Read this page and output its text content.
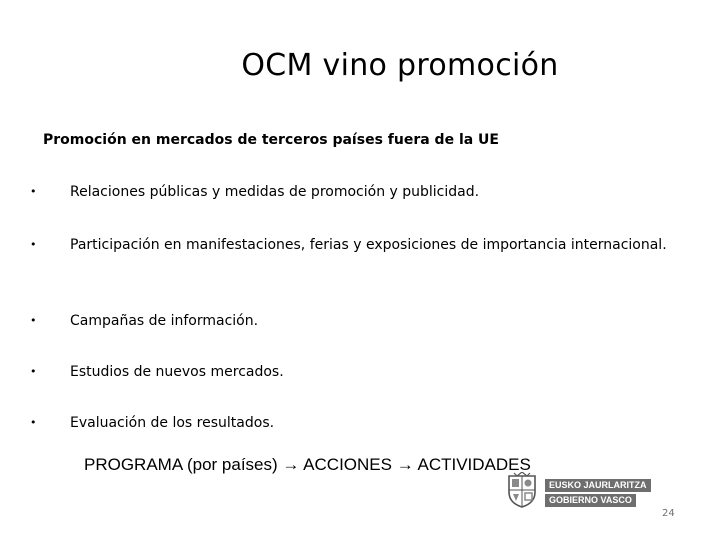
OCM vino promoción
Promoción en mercados de terceros países fuera de la UE
• Relaciones públicas y medidas de promoción y publicidad.
• Participación en manifestaciones, ferias y exposiciones de importancia internacional.
• Campañas de información.
• Estudios de nuevos mercados.
• Evaluación de los resultados.
PROGRAMA (por países) → ACCIONES → ACTIVIDADES
EUSKO JAURLARITZA
GOBIERNO VASCO
24
